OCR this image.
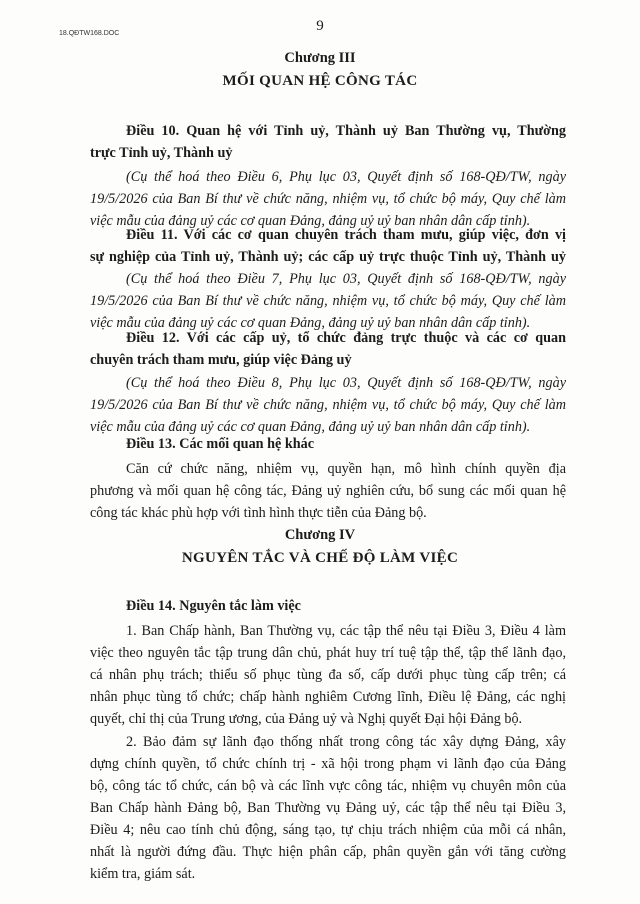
18.QĐTW168.DOC	9
Chương III
MỐI QUAN HỆ CÔNG TÁC
Điều 10. Quan hệ với Tỉnh uỷ, Thành uỷ Ban Thường vụ, Thường
trực Tỉnh uỷ, Thành uỷ
(Cụ thể hoá theo Điều 6, Phụ lục 03, Quyết định số 168-QĐ/TW, ngày
19/5/2026 của Ban Bí thư về chức năng, nhiệm vụ, tổ chức bộ máy, Quy chế làm
việc mẫu của đảng uỷ các cơ quan Đảng, đảng uỷ uỷ ban nhân dân cấp tỉnh).
Điều 11. Với các cơ quan chuyên trách tham mưu, giúp việc, đơn vị
sự nghiệp của Tỉnh uỷ, Thành uỷ; các cấp uỷ trực thuộc Tỉnh uỷ, Thành uỷ
(Cụ thể hoá theo Điều 7, Phụ lục 03, Quyết định số 168-QĐ/TW, ngày
19/5/2026 của Ban Bí thư về chức năng, nhiệm vụ, tổ chức bộ máy, Quy chế làm
việc mẫu của đảng uỷ các cơ quan Đảng, đảng uỷ uỷ ban nhân dân cấp tỉnh).
Điều 12. Với các cấp uỷ, tổ chức đảng trực thuộc và các cơ quan
chuyên trách tham mưu, giúp việc Đảng uỷ
(Cụ thể hoá theo Điều 8, Phụ lục 03, Quyết định số 168-QĐ/TW, ngày
19/5/2026 của Ban Bí thư về chức năng, nhiệm vụ, tổ chức bộ máy, Quy chế làm
việc mẫu của đảng uỷ các cơ quan Đảng, đảng uỷ uỷ ban nhân dân cấp tỉnh).
Điều 13. Các mối quan hệ khác
Căn cứ chức năng, nhiệm vụ, quyền hạn, mô hình chính quyền địa
phương và mối quan hệ công tác, Đảng uỷ nghiên cứu, bổ sung các mối quan hệ
công tác khác phù hợp với tình hình thực tiễn của Đảng bộ.
Chương IV
NGUYÊN TẮC VÀ CHẾ ĐỘ LÀM VIỆC
Điều 14. Nguyên tắc làm việc
1. Ban Chấp hành, Ban Thường vụ, các tập thể nêu tại Điều 3, Điều 4 làm
việc theo nguyên tắc tập trung dân chủ, phát huy trí tuệ tập thể, tập thể lãnh đạo,
cá nhân phụ trách; thiểu số phục tùng đa số, cấp dưới phục tùng cấp trên; cá
nhân phục tùng tổ chức; chấp hành nghiêm Cương lĩnh, Điều lệ Đảng, các nghị
quyết, chỉ thị của Trung ương, của Đảng uỷ và Nghị quyết Đại hội Đảng bộ.
2. Bảo đảm sự lãnh đạo thống nhất trong công tác xây dựng Đảng, xây
dựng chính quyền, tổ chức chính trị - xã hội trong phạm vi lãnh đạo của Đảng
bộ, công tác tổ chức, cán bộ và các lĩnh vực công tác, nhiệm vụ chuyên môn của
Ban Chấp hành Đảng bộ, Ban Thường vụ Đảng uỷ, các tập thể nêu tại Điều 3,
Điều 4; nêu cao tính chủ động, sáng tạo, tự chịu trách nhiệm của mỗi cá nhân,
nhất là người đứng đầu. Thực hiện phân cấp, phân quyền gắn với tăng cường
kiểm tra, giám sát.
